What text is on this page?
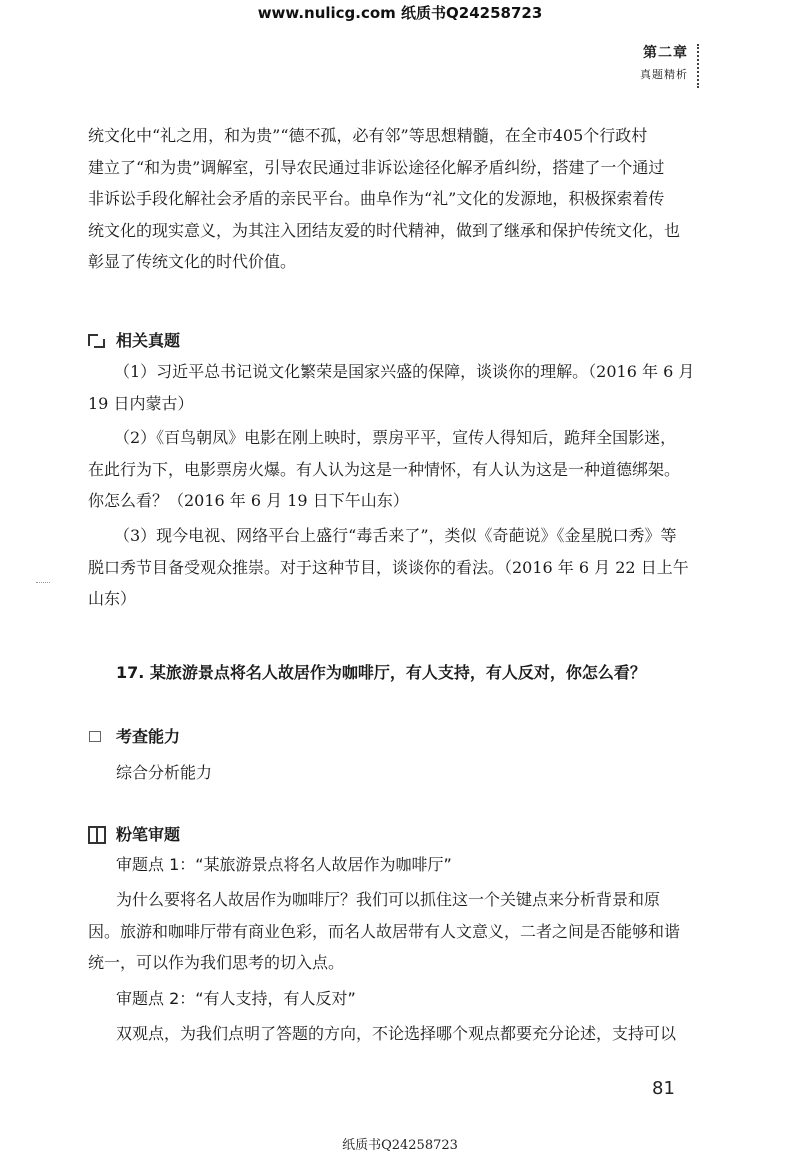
www.nulicg.com 纸质书Q24258723
第二章
真题精析
统文化中“礼之用，和为贵”“德不孤，必有邻”等思想精髓，在全市405个行政村
建立了“和为贵”调解室，引导农民通过非诉讼途径化解矛盾纠纷，搭建了一个通过
非诉讼手段化解社会矛盾的亲民平台。曲阜作为“礼”文化的发源地，积极探索着传
统文化的现实意义，为其注入团结友爱的时代精神，做到了继承和保护传统文化，也
彰显了传统文化的时代价值。
相关真题
（1）习近平总书记说文化繁荣是国家兴盛的保障，谈谈你的理解。（2016 年 6 月
19 日内蒙古）
（2）《百鸟朝凤》电影在刚上映时，票房平平，宣传人得知后，跪拜全国影迷，
在此行为下，电影票房火爆。有人认为这是一种情怀，有人认为这是一种道德绑架。
你怎么看？（2016 年 6 月 19 日下午山东）
（3）现今电视、网络平台上盛行“毒舌来了”，类似《奇葩说》《金星脱口秀》等
脱口秀节目备受观众推崇。对于这种节目，谈谈你的看法。（2016 年 6 月 22 日上午
山东）
17. 某旅游景点将名人故居作为咖啡厅，有人支持，有人反对，你怎么看？
考查能力
综合分析能力
粉笔审题
审题点 1：“某旅游景点将名人故居作为咖啡厅”
为什么要将名人故居作为咖啡厅？我们可以抓住这一个关键点来分析背景和原
因。旅游和咖啡厅带有商业色彩，而名人故居带有人文意义，二者之间是否能够和谐
统一，可以作为我们思考的切入点。
审题点 2：“有人支持，有人反对”
双观点，为我们点明了答题的方向，不论选择哪个观点都要充分论述，支持可以
81
纸质书Q24258723
